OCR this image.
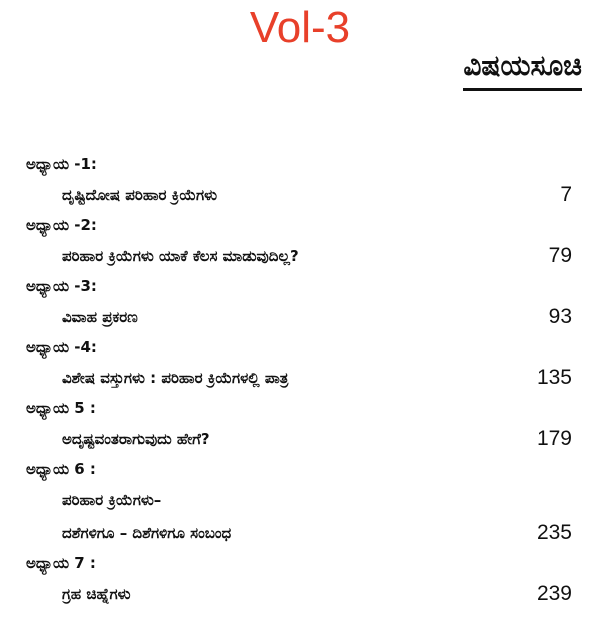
Vol-3
ವಿಷಯಸೂಚಿ
ಅಧ್ಯಾಯ -1:
ದೃಷ್ಟಿದೋಷ ಪರಿಹಾರ ಕ್ರಿಯೆಗಳು	7
ಅಧ್ಯಾಯ -2:
ಪರಿಹಾರ ಕ್ರಿಯೆಗಳು ಯಾಕೆ ಕೆಲಸ ಮಾಡುವುದಿಲ್ಲ?	79
ಅಧ್ಯಾಯ -3:
ವಿವಾಹ ಪ್ರಕರಣ	93
ಅಧ್ಯಾಯ -4:
ವಿಶೇಷ ವಸ್ತುಗಳು : ಪರಿಹಾರ ಕ್ರಿಯೆಗಳಲ್ಲಿ ಪಾತ್ರ	135
ಅಧ್ಯಾಯ 5 :
ಅದೃಷ್ಟವಂತರಾಗುವುದು ಹೇಗೆ?	179
ಅಧ್ಯಾಯ 6 :
ಪರಿಹಾರ ಕ್ರಿಯೆಗಳು–
ದಶೆಗಳಿಗೂ – ದಿಶೆಗಳಿಗೂ ಸಂಬಂಧ	235
ಅಧ್ಯಾಯ 7 :
ಗ್ರಹ ಚಿಹ್ನೆಗಳು	239
